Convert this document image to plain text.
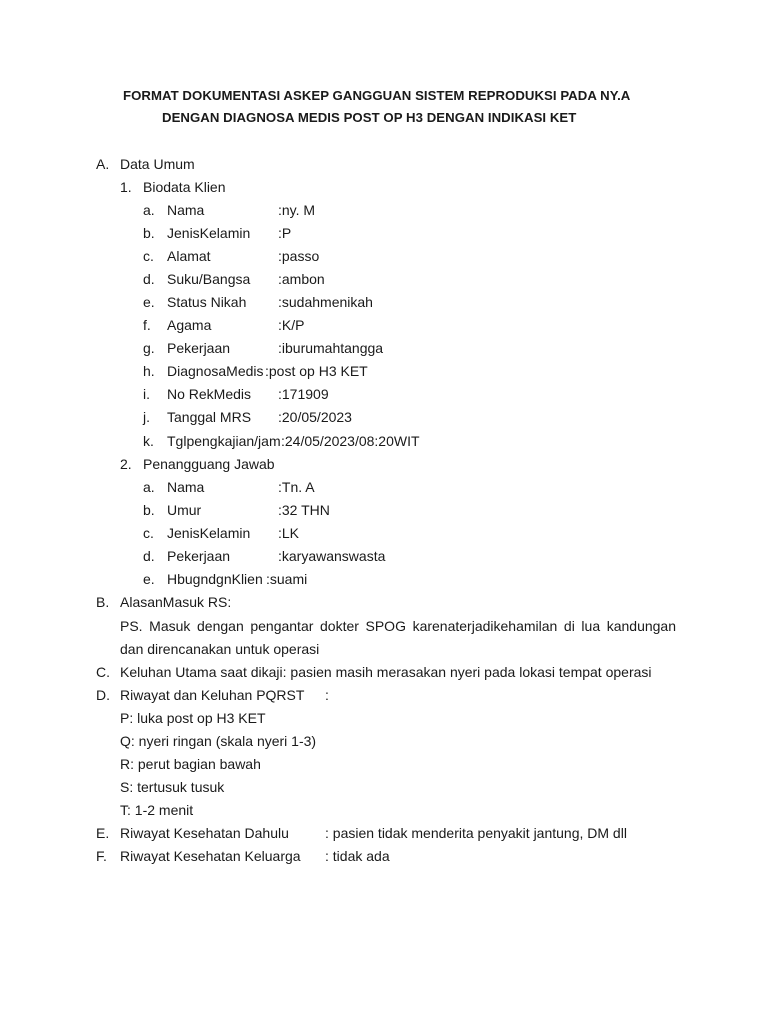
FORMAT DOKUMENTASI ASKEP GANGGUAN SISTEM REPRODUKSI PADA NY.A
DENGAN DIAGNOSA MEDIS POST OP H3 DENGAN INDIKASI KET
A. Data Umum
1. Biodata Klien
a. Nama	:ny. M
b. JenisKelamin :P
c. Alamat	:passo
d. Suku/Bangsa :ambon
e. Status Nikah :sudahmenikah
f. Agama	:K/P
g. Pekerjaan	:iburumahtangga
h. DiagnosaMedis :post op H3 KET
i. No RekMedis :171909
j. Tanggal MRS :20/05/2023
k. Tglpengkajian/jam :24/05/2023/08:20WIT
2. Penangguang Jawab
a. Nama	:Tn. A
b. Umur	:32 THN
c. JenisKelamin :LK
d. Pekerjaan	:karyawanswasta
e. HbugndgnKlien :suami
B. AlasanMasuk RS:
PS. Masuk dengan pengantar dokter SPOG karenaterjadikehamilan di lua kandungan
dan direncanakan untuk operasi
C. Keluhan Utama saat dikaji: pasien masih merasakan nyeri pada lokasi tempat operasi
D. Riwayat dan Keluhan PQRST :
P: luka post op H3 KET
Q: nyeri ringan (skala nyeri 1-3)
R: perut bagian bawah
S: tertusuk tusuk
T: 1-2 menit
E. Riwayat Kesehatan Dahulu	: pasien tidak menderita penyakit jantung, DM dll
F. Riwayat Kesehatan Keluarga : tidak ada
